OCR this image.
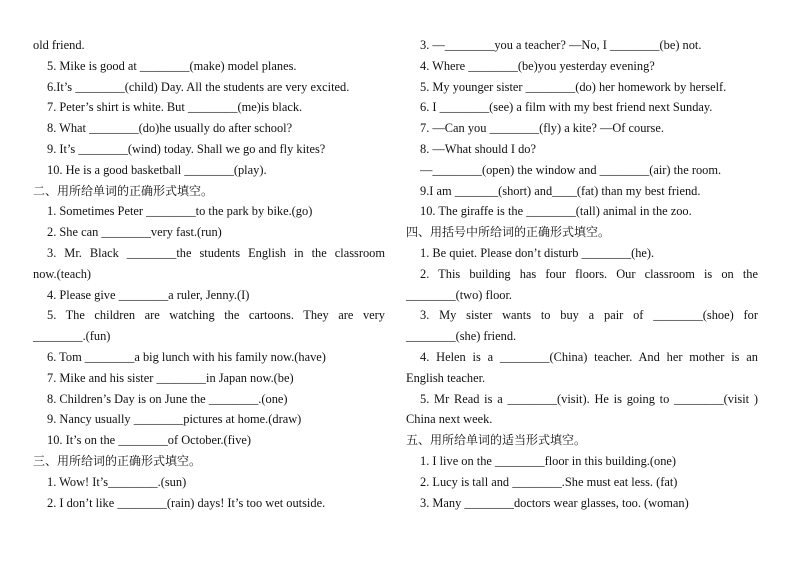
old friend.
5. Mike is good at ________(make) model planes.
6.It’s ________(child) Day. All the students are very excited.
7. Peter’s shirt is white. But ________(me)is black.
8. What ________(do)he usually do after school?
9. It’s ________(wind) today. Shall we go and fly kites?
10. He is a good basketball ________(play).
二、用所给单词的正确形式填空。
1. Sometimes Peter ________to the park by bike.(go)
2. She can ________very fast.(run)
3. Mr. Black ________the students English in the classroom
now.(teach)
4. Please give ________a ruler, Jenny.(I)
5. The children are watching the cartoons. They are very
________.(fun)
6. Tom ________a big lunch with his family now.(have)
7. Mike and his sister ________in Japan now.(be)
8. Children’s Day is on June the ________.(one)
9. Nancy usually ________pictures at home.(draw)
10. It’s on the ________of October.(five)
三、用所给词的正确形式填空。
1. Wow! It’s________.(sun)
2. I don’t like ________(rain) days! It’s too wet outside.
3. —________you a teacher? —No, I ________(be) not.
4. Where ________(be)you yesterday evening?
5. My younger sister ________(do) her homework by herself.
6. I ________(see) a film with my best friend next Sunday.
7. —Can you ________(fly) a kite? —Of course.
8. —What should I do?
—________(open) the window and ________(air) the room.
9.I am _______(short) and____(fat) than my best friend.
10. The giraffe is the ________(tall) animal in the zoo.
四、用括号中所给词的正确形式填空。
1. Be quiet. Please don’t disturb ________(he).
2. This building has four floors. Our classroom is on the
________(two) floor.
3. My sister wants to buy a pair of ________(shoe) for
________(she) friend.
4. Helen is a ________(China) teacher. And her mother is an
English teacher.
5. Mr Read is a ________(visit). He is going to ________(visit )
China next week.
五、用所给单词的适当形式填空。
1. I live on the ________floor in this building.(one)
2. Lucy is tall and ________.She must eat less. (fat)
3. Many ________doctors wear glasses, too. (woman)
